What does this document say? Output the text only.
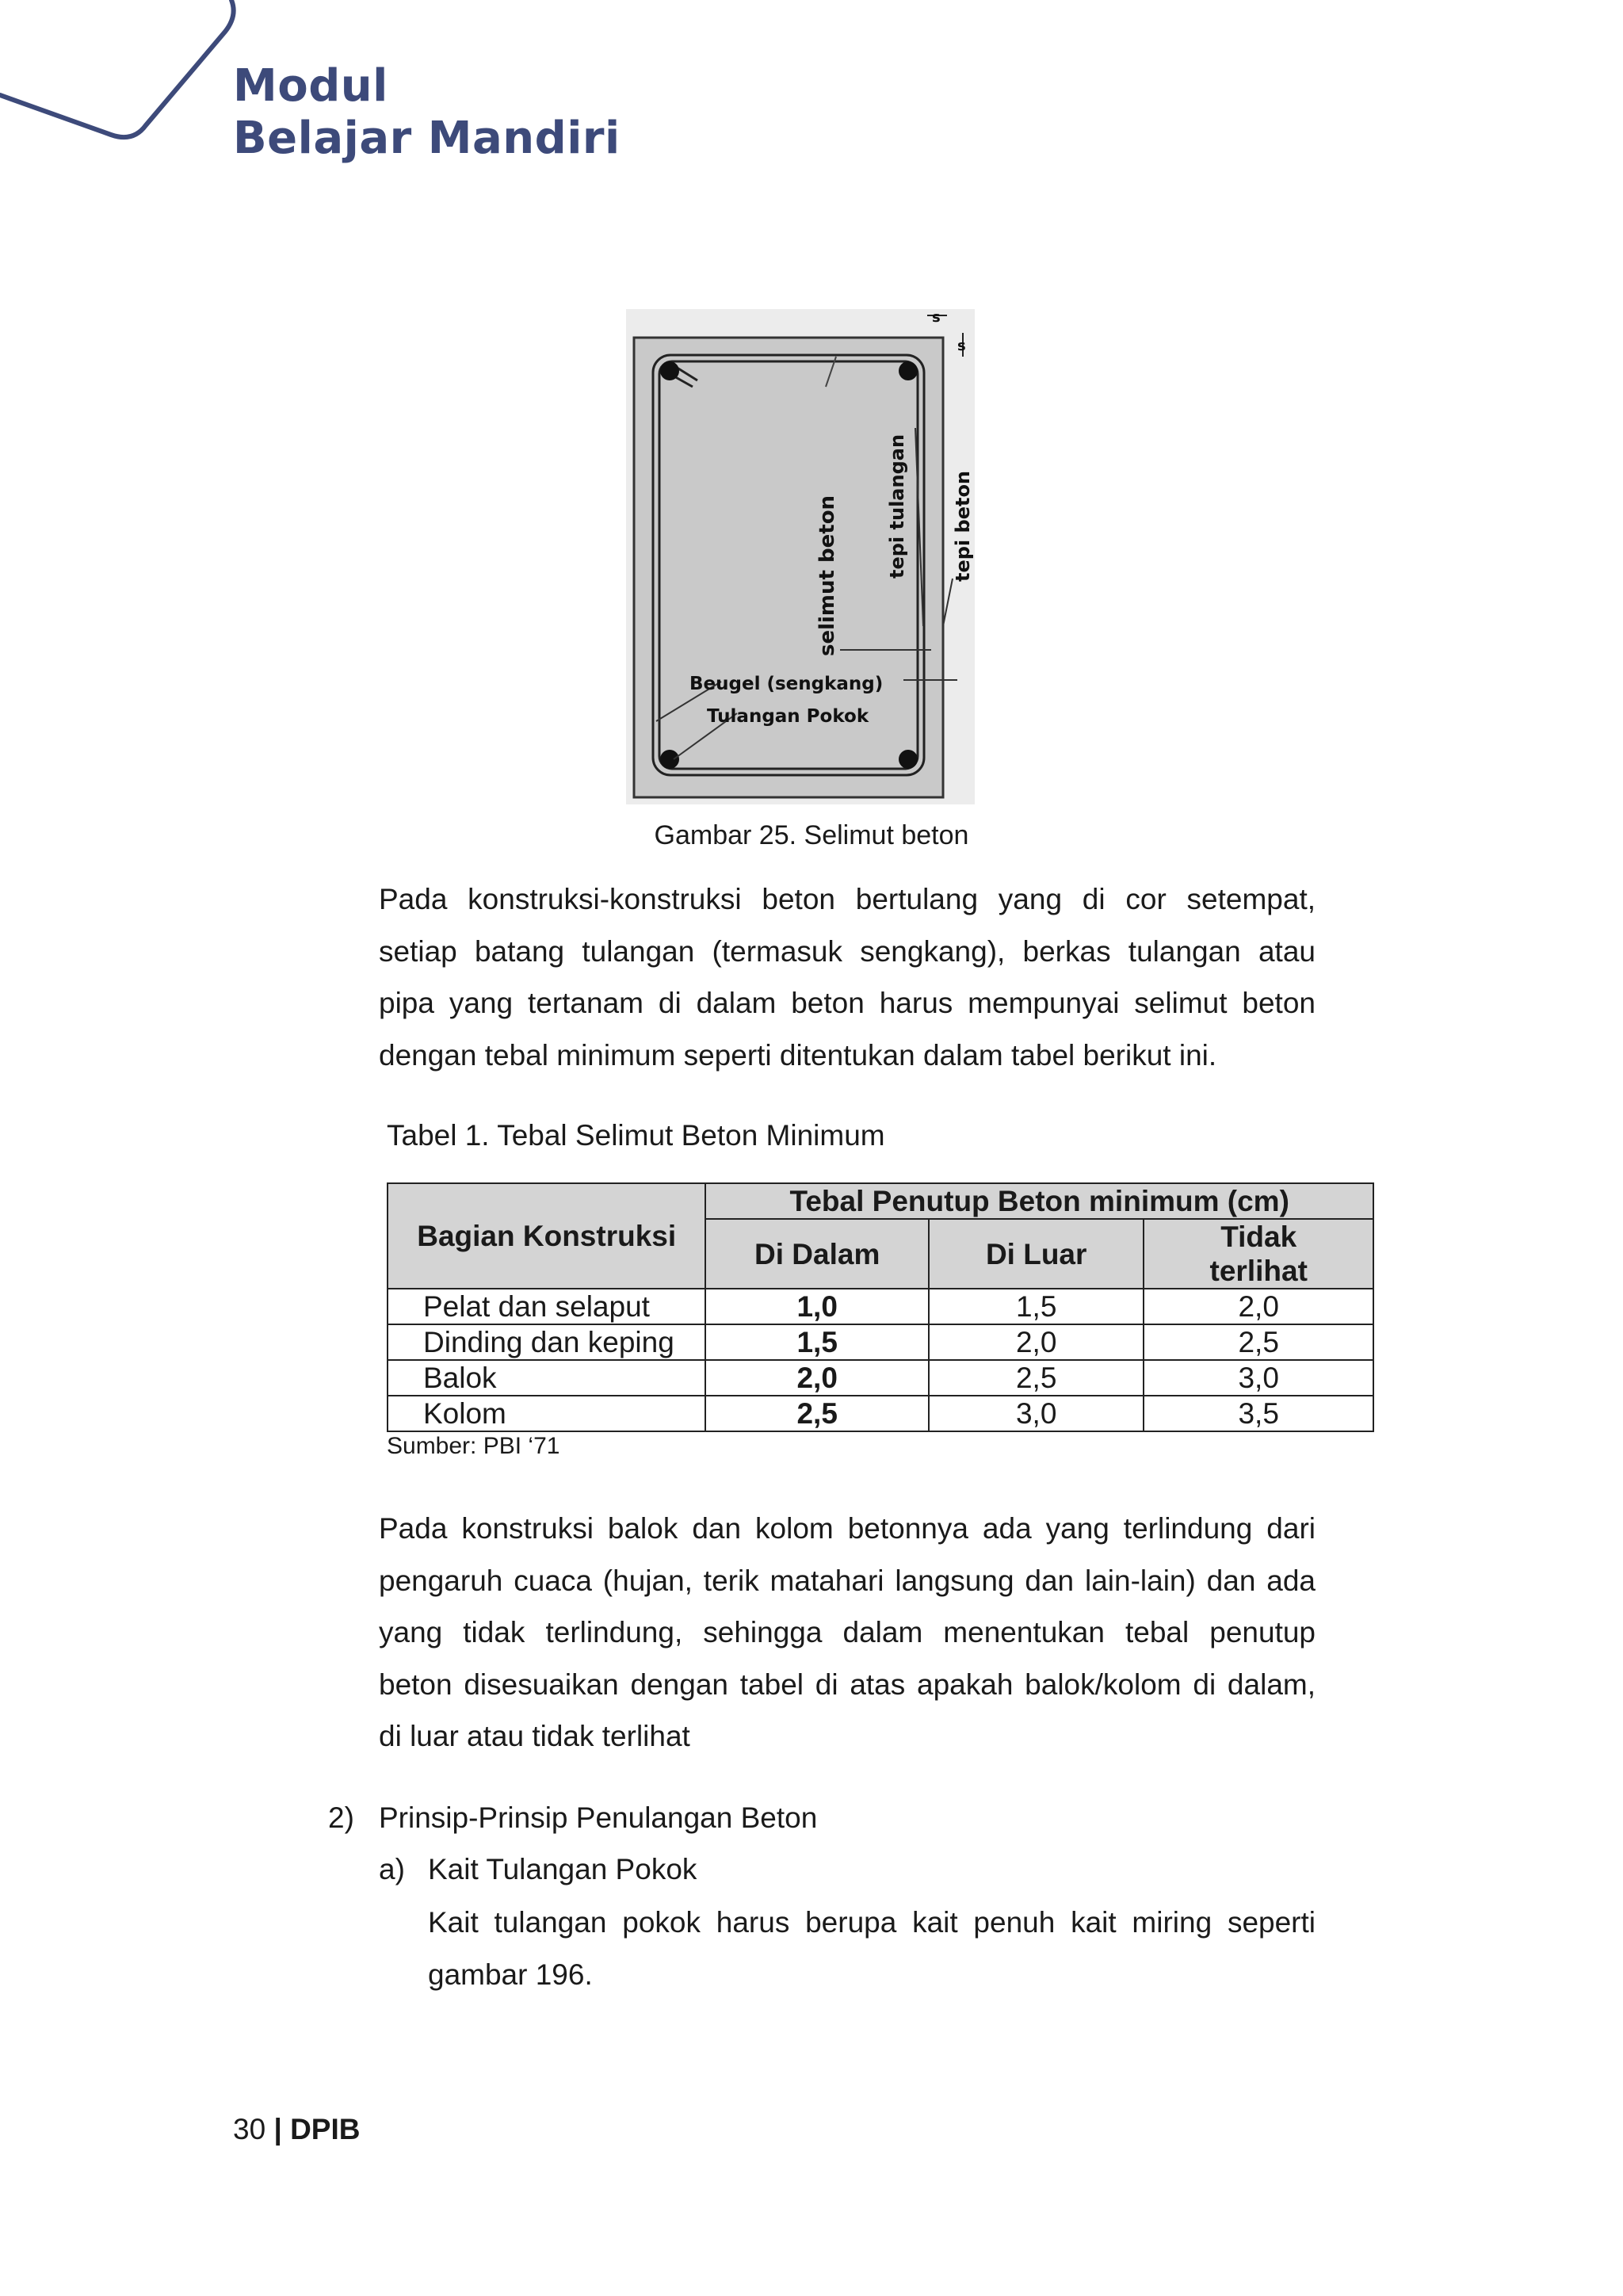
Modul
Belajar Mandiri
s
s
selimut beton tepi tulangan tepi beton
Beugel (sengkang)
Tulangan Pokok
Gambar 25. Selimut beton
Pada konstruksi-konstruksi beton bertulang yang di cor setempat,
setiap batang tulangan (termasuk sengkang), berkas tulangan atau
pipa yang tertanam di dalam beton harus mempunyai selimut beton
dengan tebal minimum seperti ditentukan dalam tabel berikut ini.
Tabel 1. Tebal Selimut Beton Minimum
Bagian Konstruksi	Tebal Penutup Beton minimum (cm)		
	Di Dalam	Di Luar	Tidak
terlihat

Pelat dan selaput	1,0	1,5	2,0
Dinding dan keping	1,5	2,0	2,5
Balok	2,0	2,5	3,0
Kolom	2,5	3,0	3,5
Sumber: PBI ‘71
Pada konstruksi balok dan kolom betonnya ada yang terlindung dari
pengaruh cuaca (hujan, terik matahari langsung dan lain-lain) dan ada
yang tidak terlindung, sehingga dalam menentukan tebal penutup
beton disesuaikan dengan tabel di atas apakah balok/kolom di dalam,
di luar atau tidak terlihat
2) Prinsip-Prinsip Penulangan Beton
a) Kait Tulangan Pokok
Kait tulangan pokok harus berupa kait penuh kait miring seperti
gambar 196.
30 | DPIB
